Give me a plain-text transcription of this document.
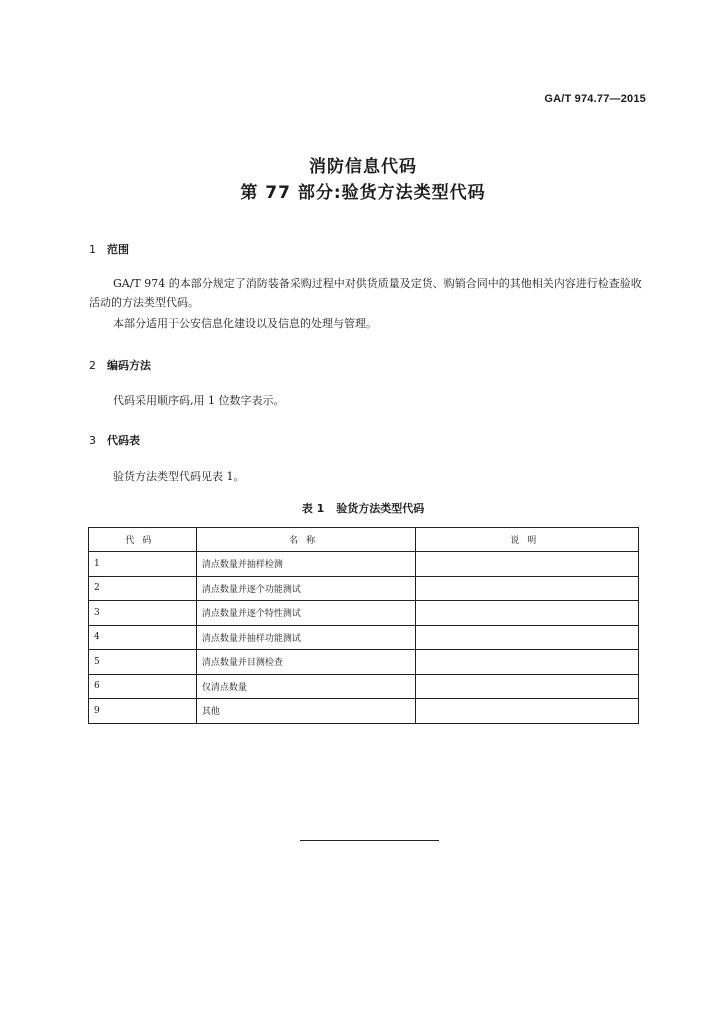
GA/T 974.77—2015
消防信息代码
第 77 部分:验货方法类型代码
1 范围
GA/T 974 的本部分规定了消防装备采购过程中对供货质量及定货、购销合同中的其他相关内容进行检查验收活动的方法类型代码。
本部分适用于公安信息化建设以及信息的处理与管理。
2 编码方法
代码采用顺序码,用 1 位数字表示。
3 代码表
验货方法类型代码见表 1。
表 1 验货方法类型代码
代码	名称	说明
1	清点数量并抽样检测	
2	清点数量并逐个功能测试	
3	清点数量并逐个特性测试	
4	清点数量并抽样功能测试	
5	清点数量并目测检查	
6	仅清点数量	
9	其他	
